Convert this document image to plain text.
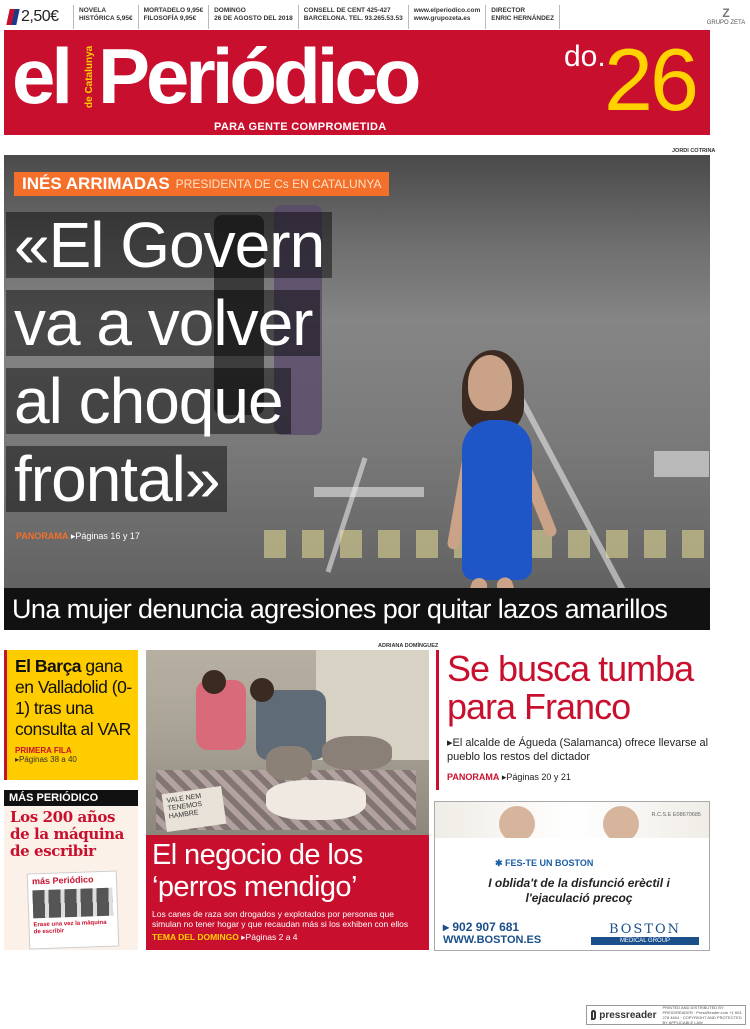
2,50€	NOVELA
HISTÓRICA 5,95€
MORTADELO 9,95€
FILOSOFÍA 9,95€
DOMINGO
26 DE AGOSTO DEL 2018
CONSELL DE CENT 425-427
BARCELONA. TEL. 93.265.53.53
www.elperiodico.com
www.grupozeta.es
DIRECTOR
ENRIC HERNÁNDEZ	Z
GRUPO ZETA
el de Catalunya Periódico
PARA GENTE COMPROMETIDA
do.
26
JORDI COTRINA
INÉS ARRIMADAS PRESIDENTA DE Cs EN CATALUNYA
«El Govern
va a volver
al choque
frontal»
PANORAMA ▸Páginas 16 y 17
Una mujer denuncia agresiones por quitar lazos amarillos
El Barça gana en Valladolid (0-1) tras una consulta al VAR
PRIMERA FILA
▸Páginas 38 a 40
MÁS PERIÓDICO
Los 200 años de la máquina de escribir
más Periódico
Erase una vez la máquina de escribir
ADRIANA DOMÍNGUEZ
VALE NEM TENEMOS HAMBRE
El negocio de los ‘perros mendigo’
Los canes de raza son drogados y explotados por personas que simulan no tener hogar y que recaudan más si los exhiben con ellos
TEMA DEL DOMINGO ▸Páginas 2 a 4
Se busca tumba para Franco
▸El alcalde de Águeda (Salamanca) ofrece llevarse al pueblo los restos del dictador
PANORAMA ▸Páginas 20 y 21
R.C.S.E E08670685
✱ FES-TE UN BOSTON
I oblida't de la disfunció erèctil i l'ejaculació precoç
▸ 902 907 681
WWW.BOSTON.ES
BOSTON
MEDICAL GROUP
pressreader
PRINTED AND DISTRIBUTED BY PRESSREADER · PressReader.com +1 604 278 4604 · COPYRIGHT AND PROTECTED BY APPLICABLE LAW
